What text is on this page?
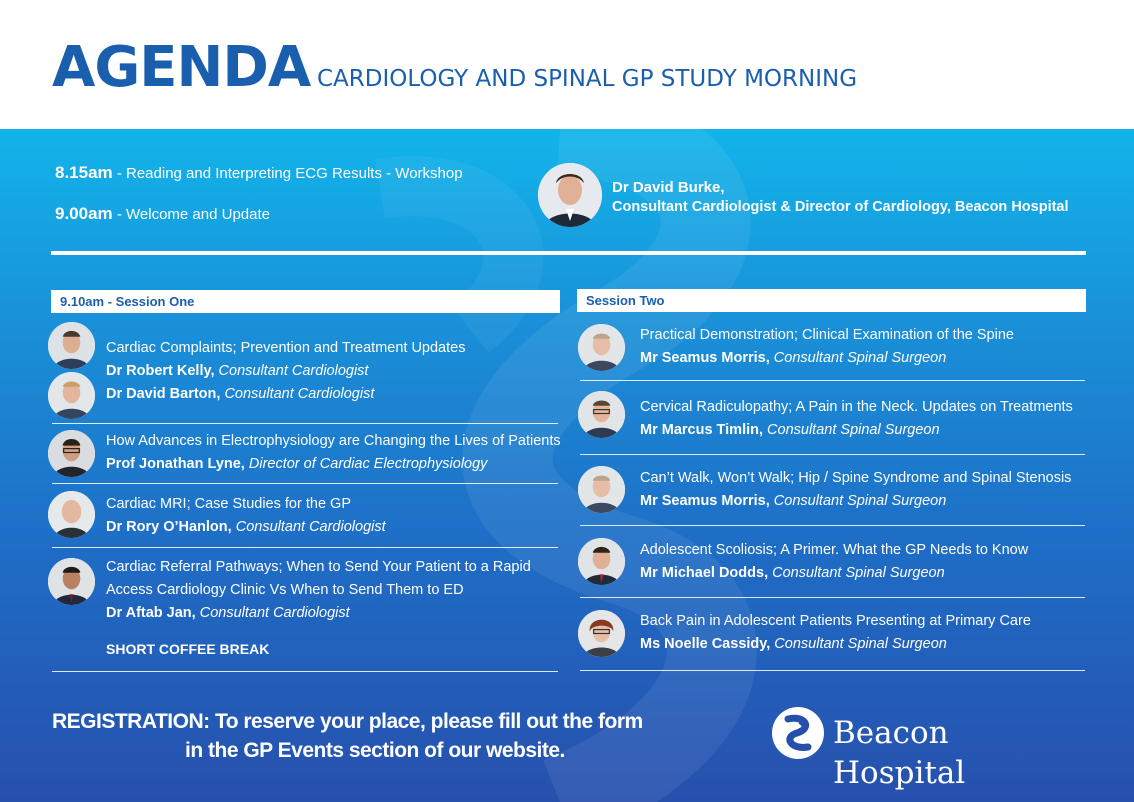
AGENDA CARDIOLOGY AND SPINAL GP STUDY MORNING
8.15am - Reading and Interpreting ECG Results - Workshop
9.00am - Welcome and Update
Dr David Burke,
Consultant Cardiologist & Director of Cardiology, Beacon Hospital
9.10am - Session One
Cardiac Complaints; Prevention and Treatment Updates
Dr Robert Kelly, Consultant Cardiologist
Dr David Barton, Consultant Cardiologist
How Advances in Electrophysiology are Changing the Lives of Patients
Prof Jonathan Lyne, Director of Cardiac Electrophysiology
Cardiac MRI; Case Studies for the GP
Dr Rory O’Hanlon, Consultant Cardiologist
Cardiac Referral Pathways; When to Send Your Patient to a Rapid
Access Cardiology Clinic Vs When to Send Them to ED
Dr Aftab Jan, Consultant Cardiologist
SHORT COFFEE BREAK
Session Two
Practical Demonstration; Clinical Examination of the Spine
Mr Seamus Morris, Consultant Spinal Surgeon
Cervical Radiculopathy; A Pain in the Neck. Updates on Treatments
Mr Marcus Timlin, Consultant Spinal Surgeon
Can’t Walk, Won’t Walk; Hip / Spine Syndrome and Spinal Stenosis
Mr Seamus Morris, Consultant Spinal Surgeon
Adolescent Scoliosis; A Primer. What the GP Needs to Know
Mr Michael Dodds, Consultant Spinal Surgeon
Back Pain in Adolescent Patients Presenting at Primary Care
Ms Noelle Cassidy, Consultant Spinal Surgeon
REGISTRATION: To reserve your place, please fill out the form
in the GP Events section of our website.	Beacon Hospital
